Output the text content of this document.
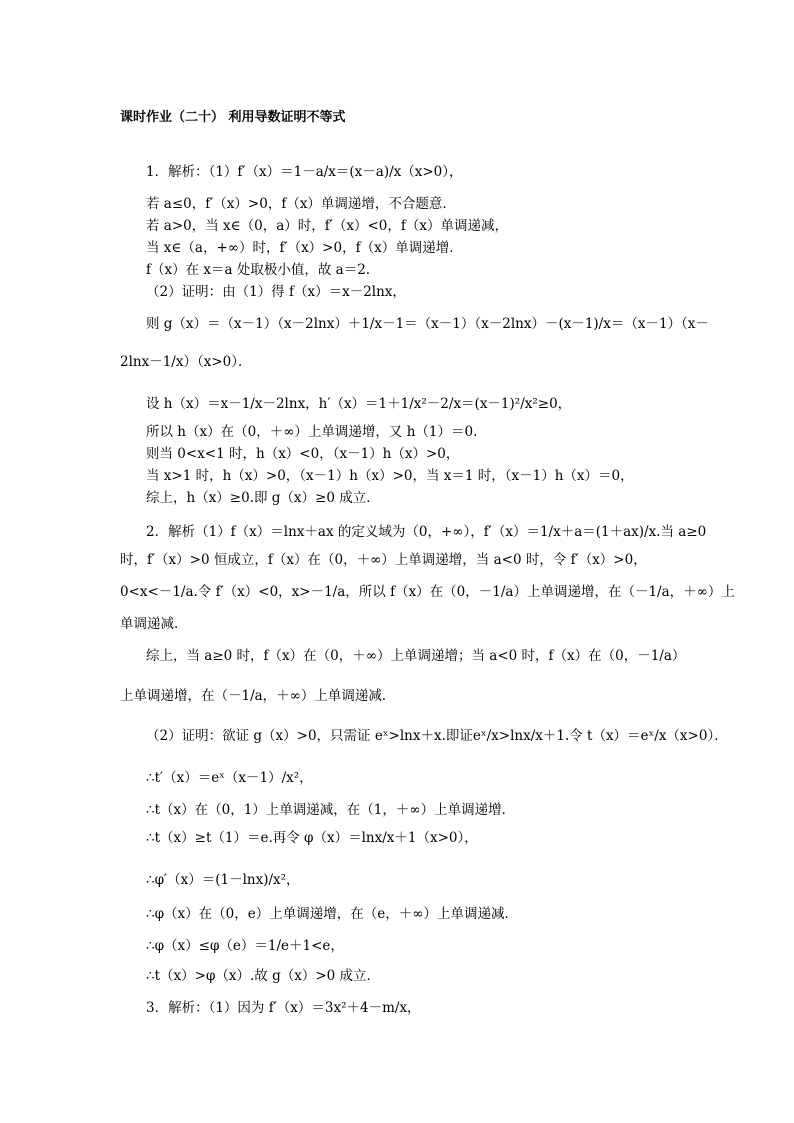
课时作业（二十） 利用导数证明不等式
1．解析：（1）f′（x）＝1－a/x＝(x－a)/x（x>0），
若 a≤0，f′（x）>0，f（x）单调递增，不合题意．
若 a>0，当 x∈（0，a）时，f′（x）<0，f（x）单调递减，
当 x∈（a，+∞）时，f′（x）>0，f（x）单调递增．
f（x）在 x＝a 处取极小值，故 a＝2.
（2）证明：由（1）得 f（x）＝x－2lnx，
则 g（x）＝（x－1）（x－2lnx）＋1/x－1＝（x－1）（x－2lnx）－(x－1)/x＝（x－1）（x－
2lnx－1/x）（x>0）．
设 h（x）＝x－1/x－2lnx，h′（x）＝1＋1/x²－2/x＝(x－1)²/x²≥0，
所以 h（x）在（0，＋∞）上单调递增，又 h（1）＝0.
则当 0<x<1 时，h（x）<0，（x－1）h（x）>0，
当 x>1 时，h（x）>0，（x－1）h（x）>0，当 x＝1 时，（x－1）h（x）＝0，
综上，h（x）≥0.即 g（x）≥0 成立．
2．解析（1）f（x）＝lnx＋ax 的定义域为（0，+∞），f′（x）＝1/x＋a＝(1＋ax)/x.当 a≥0
时，f′（x）>0 恒成立，f（x）在（0，＋∞）上单调递增，当 a<0 时，令 f′（x）>0，
0<x<－1/a.令 f′（x）<0，x>－1/a，所以 f（x）在（0，－1/a）上单调递增，在（－1/a，＋∞）上
单调递减．
综上，当 a≥0 时，f（x）在（0，＋∞）上单调递增；当 a<0 时，f（x）在（0，－1/a）
上单调递增，在（－1/a，＋∞）上单调递减．
（2）证明：欲证 g（x）>0，只需证 eˣ>lnx＋x.即证eˣ/x>lnx/x＋1.令 t（x）＝eˣ/x（x>0）．
∴t′（x）＝eˣ（x－1）/x²，
∴t（x）在（0，1）上单调递减，在（1，＋∞）上单调递增．
∴t（x）≥t（1）＝e.再令 φ（x）＝lnx/x＋1（x>0），
∴φ′（x）＝(1－lnx)/x²，
∴φ（x）在（0，e）上单调递增，在（e，＋∞）上单调递减．
∴φ（x）≤φ（e）＝1/e＋1<e，
∴t（x）>φ（x）.故 g（x）>0 成立．
3．解析：（1）因为 f′（x）＝3x²＋4－m/x，
